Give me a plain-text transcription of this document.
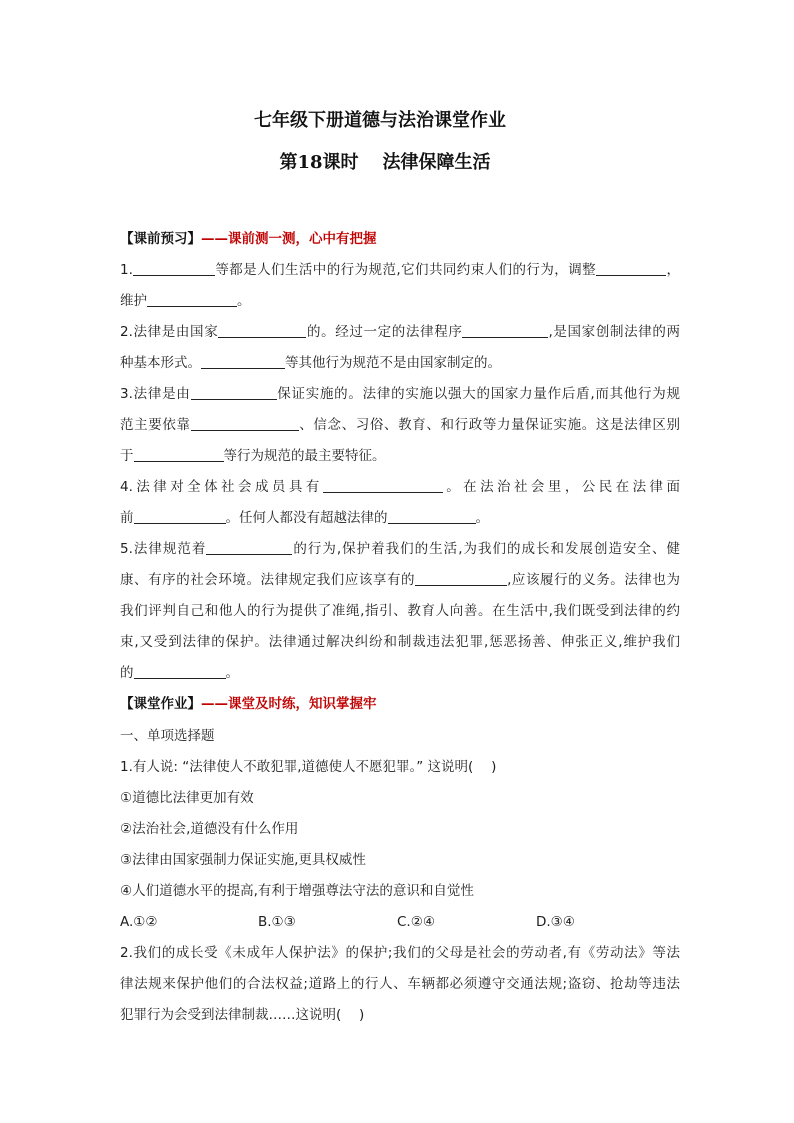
七年级下册道德与法治课堂作业
第18课时 法律保障生活
【课前预习】——课前测一测，心中有把握
1.	等都是人们生活中的行为规范,它们共同约束人们的行为，调整	，
维护	。
2.法律是由国家	的。经过一定的法律程序	,是国家创制法律的两
种基本形式。	等其他行为规范不是由国家制定的。
3.法律是由	保证实施的。法律的实施以强大的国家力量作后盾,而其他行为规
范主要依靠	、信念、习俗、教育、和行政等力量保证实施。这是法律区别
于	等行为规范的最主要特征。
4.法律对全体社会成员具有	。在法治社会里，公民在法律面
前	。任何人都没有超越法律的	。
5.法律规范着	的行为,保护着我们的生活,为我们的成长和发展创造安全、健
康、有序的社会环境。法律规定我们应该享有的	,应该履行的义务。法律也为
我们评判自己和他人的行为提供了准绳,指引、教育人向善。在生活中,我们既受到法律的约
束,又受到法律的保护。法律通过解决纠纷和制裁违法犯罪,惩恶扬善、伸张正义,维护我们
的	。
【课堂作业】——课堂及时练，知识掌握牢
一、单项选择题
1.有人说: “法律使人不敢犯罪,道德使人不愿犯罪。” 这说明(　 )
①道德比法律更加有效
②法治社会,道德没有什么作用
③法律由国家强制力保证实施,更具权威性
④人们道德水平的提高,有利于增强尊法守法的意识和自觉性
A.①②	B.①③	C.②④	D.③④
2.我们的成长受《未成年人保护法》的保护;我们的父母是社会的劳动者,有《劳动法》等法
律法规来保护他们的合法权益;道路上的行人、车辆都必须遵守交通法规;盗窃、抢劫等违法
犯罪行为会受到法律制裁……这说明(　 )
